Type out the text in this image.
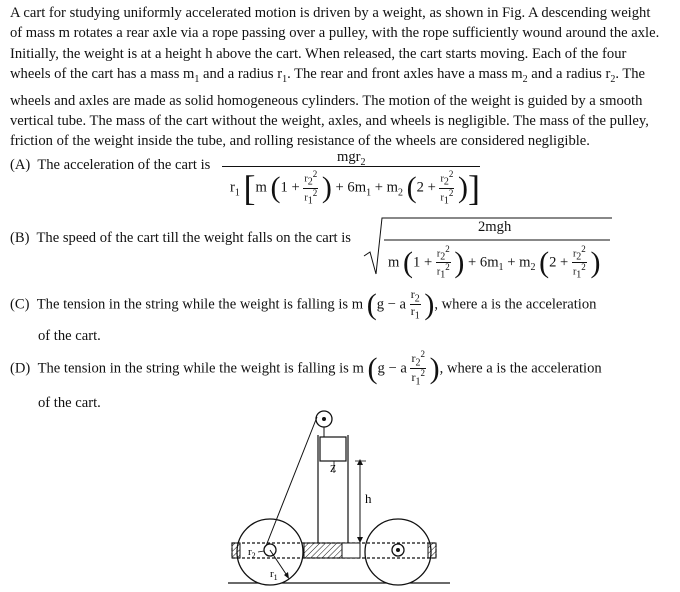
A cart for studying uniformly accelerated motion is driven by a weight, as shown in Fig. A descending weight
of mass m rotates a rear axle via a rope passing over a pulley, with the rope sufficiently wound around the axle.
Initially, the weight is at a height h above the cart. When released, the cart starts moving. Each of the four
wheels of the cart has a mass $m_1$ and a radius $r_1$. The rear and front axles have a mass $m_2$ and a radius $r_2$. The
wheels and axles are made as solid homogeneous cylinders. The motion of the weight is guided by a smooth
vertical tube. The mass of the cart without the weight, axles, and wheels is negligible. The mass of the pulley,
friction of the weight inside the tube, and rolling resistance of the wheels are considered negligible.
(A) The acceleration of the cart is	mgr$_2$
$r_1$ [m ($1 + \frac{r_2^2}{r_1^2}$ ) + $6m_1 + m_2$ ($2 + \frac{r_2^2}{r_1^2}$ )]
(B) The speed of the cart till the weight falls on the cart is
2mgh
m ($1 + \frac{r_2^2}{r_1^2}$ ) + $6m_1 + m_2$ ($2 + \frac{r_2^2}{r_1^2}$ )
(C) The tension in the string while the weight is falling is m (g − a $\frac{r_2}{r_1}$ ), where a is the acceleration
of the cart.
(D) The tension in the string while the weight is falling is m (g − a $\frac{r_2^2}{r_1^2}$ ), where a is the acceleration
of the cart.
Z
h
$r_2$
$r_1$
